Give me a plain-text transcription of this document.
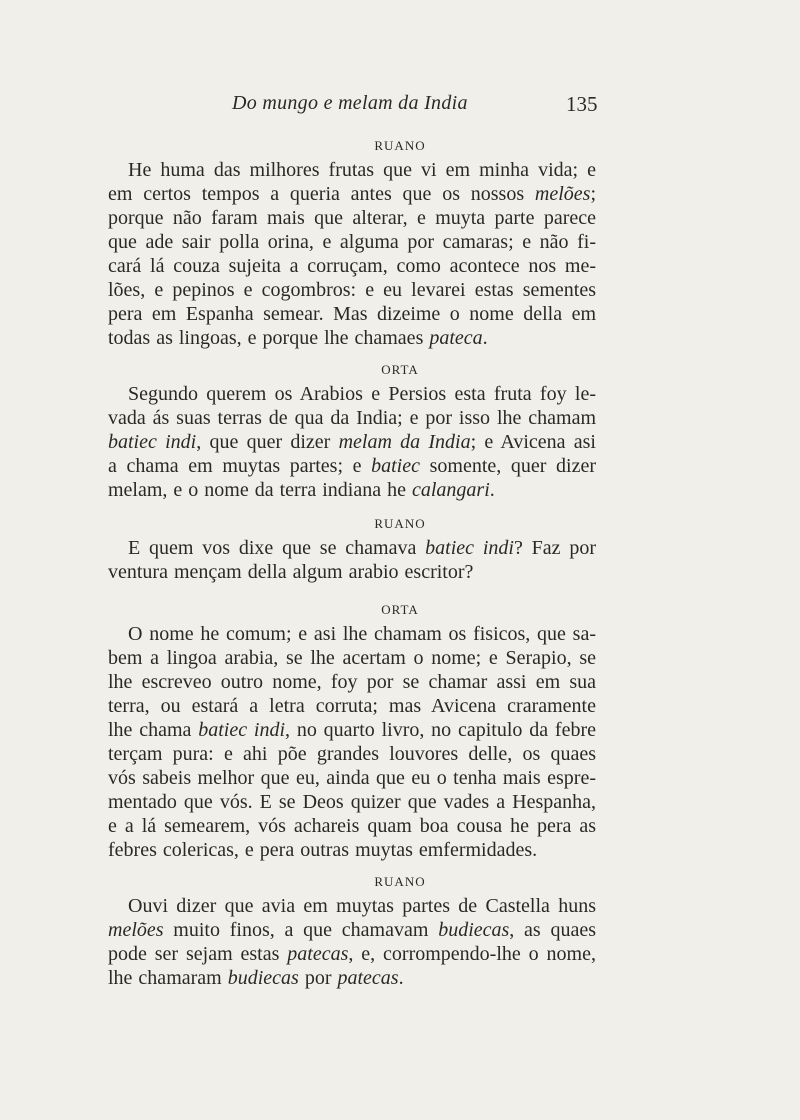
Do mungo e melam da India	135
RUANO
He huma das milhores frutas que vi em minha vida; e
em certos tempos a queria antes que os nossos melões;
porque não faram mais que alterar, e muyta parte parece
que ade sair polla orina, e alguma por camaras; e não fi-
cará lá couza sujeita a corruçam, como acontece nos me-
lões, e pepinos e cogombros: e eu levarei estas sementes
pera em Espanha semear. Mas dizeime o nome della em
todas as lingoas, e porque lhe chamaes pateca.
ORTA
Segundo querem os Arabios e Persios esta fruta foy le-
vada ás suas terras de qua da India; e por isso lhe chamam
batiec indi, que quer dizer melam da India; e Avicena asi
a chama em muytas partes; e batiec somente, quer dizer
melam, e o nome da terra indiana he calangari.
RUANO
E quem vos dixe que se chamava batiec indi? Faz por
ventura mençam della algum arabio escritor?
ORTA
O nome he comum; e asi lhe chamam os fisicos, que sa-
bem a lingoa arabia, se lhe acertam o nome; e Serapio, se
lhe escreveo outro nome, foy por se chamar assi em sua
terra, ou estará a letra corruta; mas Avicena craramente
lhe chama batiec indi, no quarto livro, no capitulo da febre
terçam pura: e ahi põe grandes louvores delle, os quaes
vós sabeis melhor que eu, ainda que eu o tenha mais espre-
mentado que vós. E se Deos quizer que vades a Hespanha,
e a lá semearem, vós achareis quam boa cousa he pera as
febres colericas, e pera outras muytas emfermidades.
RUANO
Ouvi dizer que avia em muytas partes de Castella huns
melões muito finos, a que chamavam budiecas, as quaes
pode ser sejam estas patecas, e, corrompendo-lhe o nome,
lhe chamaram budiecas por patecas.
